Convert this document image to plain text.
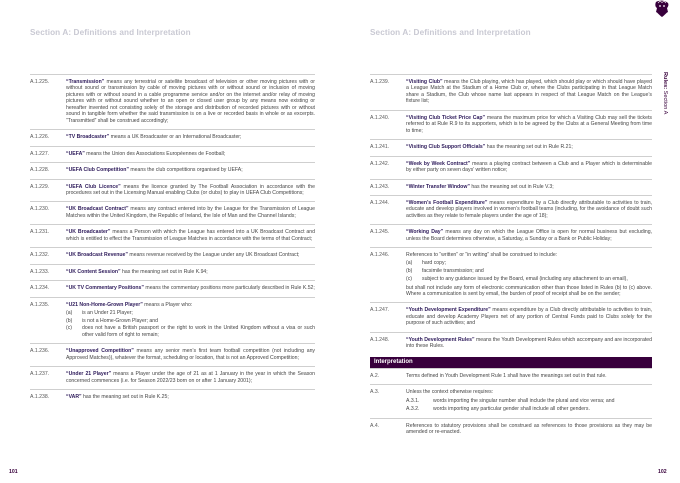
Section A: Definitions and Interpretation
A.1.225.	“Transmission” means any terrestrial or satellite broadcast of television or other moving pictures with or without sound or transmission by cable of moving pictures with or without sound or inclusion of moving pictures with or without sound in a cable programme service and/or on the internet and/or relay of moving pictures with or without sound whether to an open or closed user group by any means now existing or hereafter invented not consisting solely of the storage and distribution of recorded pictures with or without sound in tangible form whether the said transmission is on a live or recorded basis in whole or as excerpts. “Transmitted” shall be construed accordingly;
A.1.226.	“TV Broadcaster” means a UK Broadcaster or an International Broadcaster;
A.1.227.	“UEFA” means the Union des Associations Européennes de Football;
A.1.228.	“UEFA Club Competition” means the club competitions organised by UEFA;
A.1.229.	“UEFA Club Licence” means the licence granted by The Football Association in accordance with the procedures set out in the Licensing Manual enabling Clubs (or clubs) to play in UEFA Club Competitions;
A.1.230.	“UK Broadcast Contract” means any contract entered into by the League for the Transmission of League Matches within the United Kingdom, the Republic of Ireland, the Isle of Man and the Channel Islands;
A.1.231.	“UK Broadcaster” means a Person with which the League has entered into a UK Broadcast Contract and which is entitled to effect the Transmission of League Matches in accordance with the terms of that Contract;
A.1.232.	“UK Broadcast Revenue” means revenue received by the League under any UK Broadcast Contract;
A.1.233.	“UK Content Session” has the meaning set out in Rule K.94;
A.1.234.	“UK TV Commentary Positions” means the commentary positions more particularly described in Rule K.52;
A.1.235.	“U21 Non-Home-Grown Player” means a Player who:
(a)	is an Under 21 Player;
(b)	is not a Home-Grown Player; and
(c)	does not have a British passport or the right to work in the United Kingdom without a visa or such other valid form of right to remain;
A.1.236.	“Unapproved Competition” means any senior men’s first team football competition (not including any Approved Matches)), whatever the format, scheduling or location, that is not an Approved Competition;
A.1.237.	“Under 21 Player” means a Player under the age of 21 as at 1 January in the year in which the Season concerned commences (i.e. for Season 2022/23 born on or after 1 January 2001);
A.1.238.	“VAR” has the meaning set out in Rule K.25;
101
Section A: Definitions and Interpretation
A.1.239.	“Visiting Club” means the Club playing, which has played, which should play or which should have played a League Match at the Stadium of a Home Club or, where the Clubs participating in that League Match share a Stadium, the Club whose name last appears in respect of that League Match on the League’s fixture list;
A.1.240.	“Visiting Club Ticket Price Cap” means the maximum price for which a Visiting Club may sell the tickets referred to at Rule R.9 to its supporters, which is to be agreed by the Clubs at a General Meeting from time to time;
A.1.241.	“Visiting Club Support Officials” has the meaning set out in Rule R.21;
A.1.242.	“Week by Week Contract” means a playing contract between a Club and a Player which is determinable by either party on seven days’ written notice;
A.1.243.	“Winter Transfer Window” has the meaning set out in Rule V.3;
A.1.244.	“Women’s Football Expenditure” means expenditure by a Club directly attributable to activities to train, educate and develop players involved in women’s football teams (including, for the avoidance of doubt such activities as they relate to female players under the age of 18);
A.1.245.	“Working Day” means any day on which the League Office is open for normal business but excluding, unless the Board determines otherwise, a Saturday, a Sunday or a Bank or Public Holiday;
A.1.246.	References to “written” or “in writing” shall be construed to include:
(a)	hard copy;
(b)	facsimile transmission; and
(c)	subject to any guidance issued by the Board, email (including any attachment to an email),
but shall not include any form of electronic communication other than those listed in Rules (b) to (c) above. Where a communication is sent by email, the burden of proof of receipt shall be on the sender;
A.1.247.	“Youth Development Expenditure” means expenditure by a Club directly attributable to activities to train, educate and develop Academy Players net of any portion of Central Funds paid to Clubs solely for the purpose of such activities; and
A.1.248.	“Youth Development Rules” means the Youth Development Rules which accompany and are incorporated into these Rules.
Interpretation
A.2.	Terms defined in Youth Development Rule 1 shall have the meanings set out in that rule.
A.3.	Unless the context otherwise requires:
A.3.1.	words importing the singular number shall include the plural and vice versa; and
A.3.2.	words importing any particular gender shall include all other genders.
A.4.	References to statutory provisions shall be construed as references to those provisions as they may be amended or re-enacted.
102
Rules: Section A
